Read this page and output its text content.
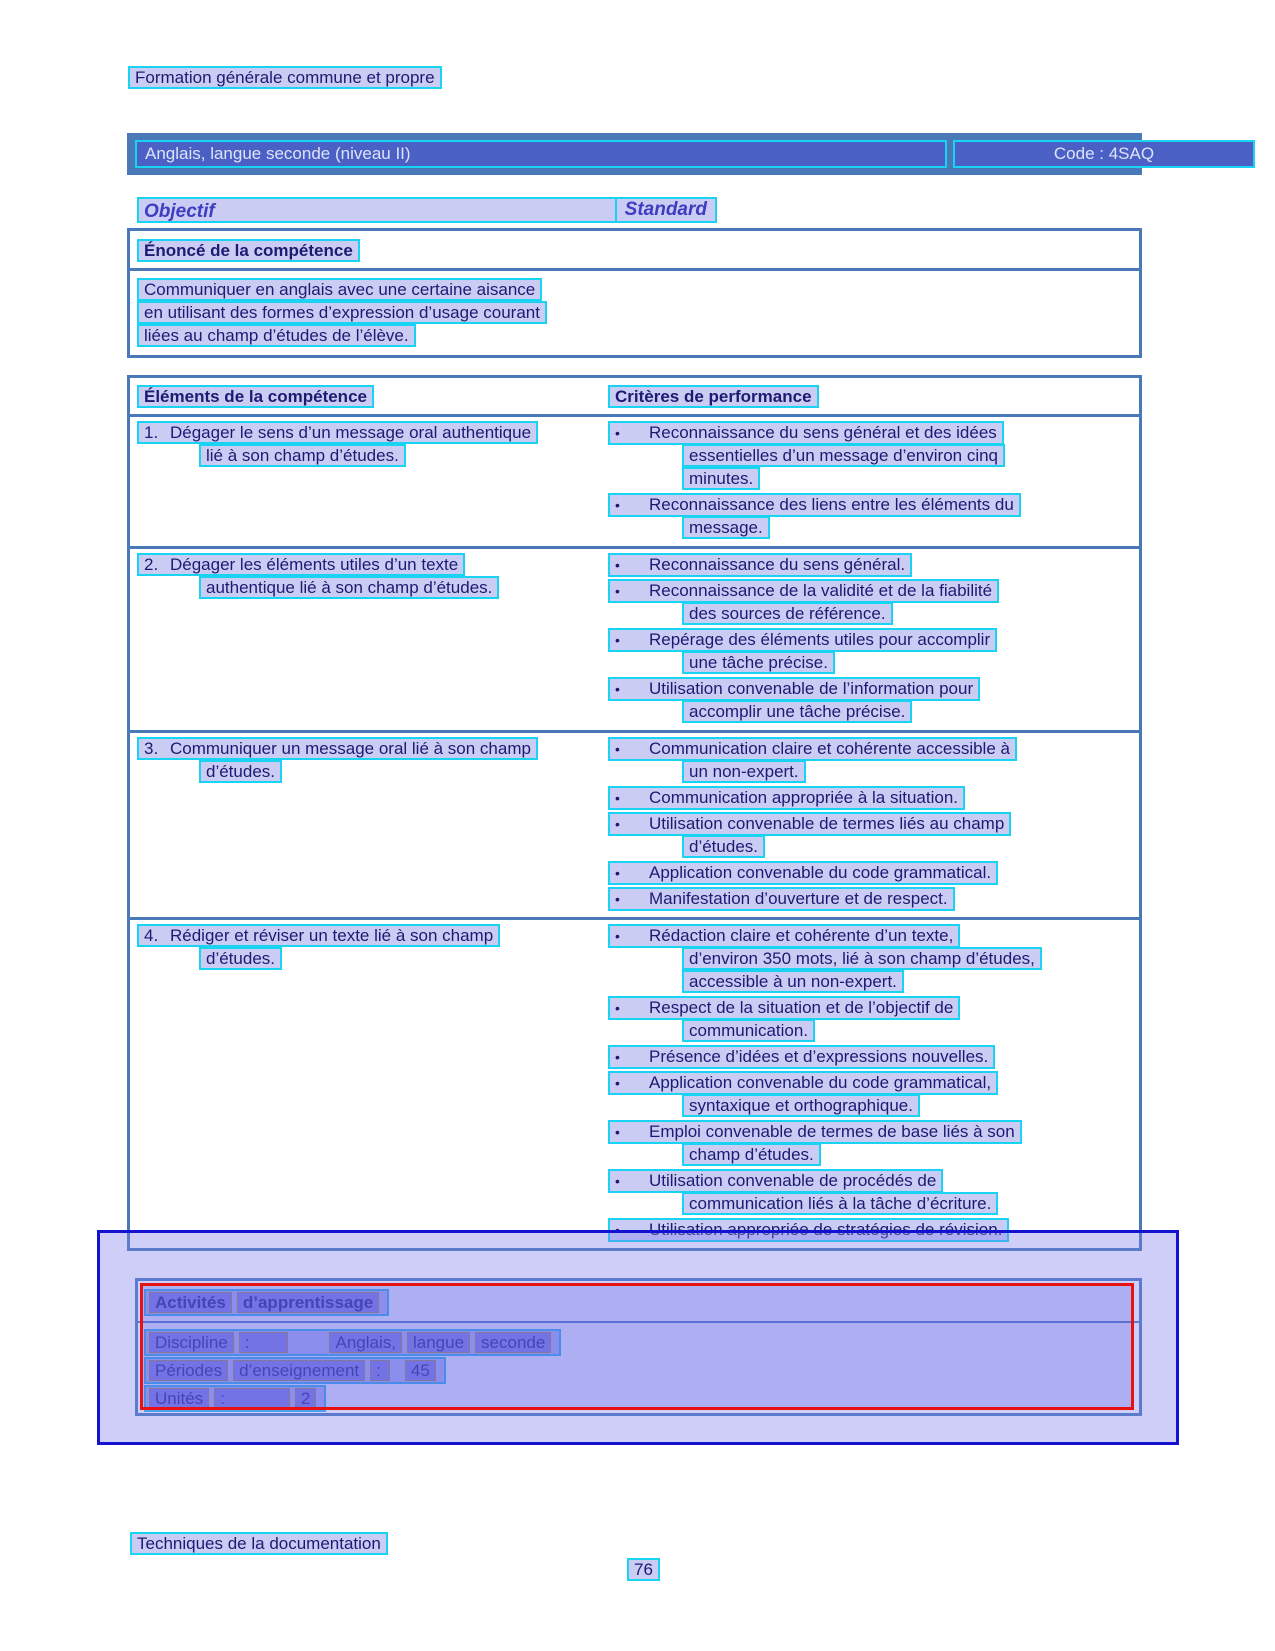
Formation générale commune et propre
Anglais, langue seconde (niveau II)	Code : 4SAQ
Objectif	Standard
Énoncé de la compétence
Communiquer en anglais avec une certaine aisance
en utilisant des formes d’expression d’usage courant
liées au champ d’études de l’élève.
Éléments de la compétence	Critères de performance
1. Dégager le sens d’un message oral authentique
lié à son champ d’études.
• Reconnaissance du sens général et des idées
essentielles d’un message d’environ cinq
minutes.
• Reconnaissance des liens entre les éléments du
message.
2. Dégager les éléments utiles d’un texte
authentique lié à son champ d’études.
• Reconnaissance du sens général.
• Reconnaissance de la validité et de la fiabilité
des sources de référence.
• Repérage des éléments utiles pour accomplir
une tâche précise.
• Utilisation convenable de l’information pour
accomplir une tâche précise.
3. Communiquer un message oral lié à son champ
d’études.
• Communication claire et cohérente accessible à
un non-expert.
• Communication appropriée à la situation.
• Utilisation convenable de termes liés au champ
d’études.
• Application convenable du code grammatical.
• Manifestation d’ouverture et de respect.
4. Rédiger et réviser un texte lié à son champ
d’études.
• Rédaction claire et cohérente d’un texte,
d’environ 350 mots, lié à son champ d’études,
accessible à un non-expert.
• Respect de la situation et de l’objectif de
communication.
• Présence d’idées et d’expressions nouvelles.
• Application convenable du code grammatical,
syntaxique et orthographique.
• Emploi convenable de termes de base liés à son
champ d’études.
• Utilisation convenable de procédés de
communication liés à la tâche d’écriture.
• Utilisation appropriée de stratégies de révision.
Activités d’apprentissage
Discipline :	Anglais, langue seconde
Périodes d’enseignement : 45
Unités :	2
Techniques de la documentation
76
